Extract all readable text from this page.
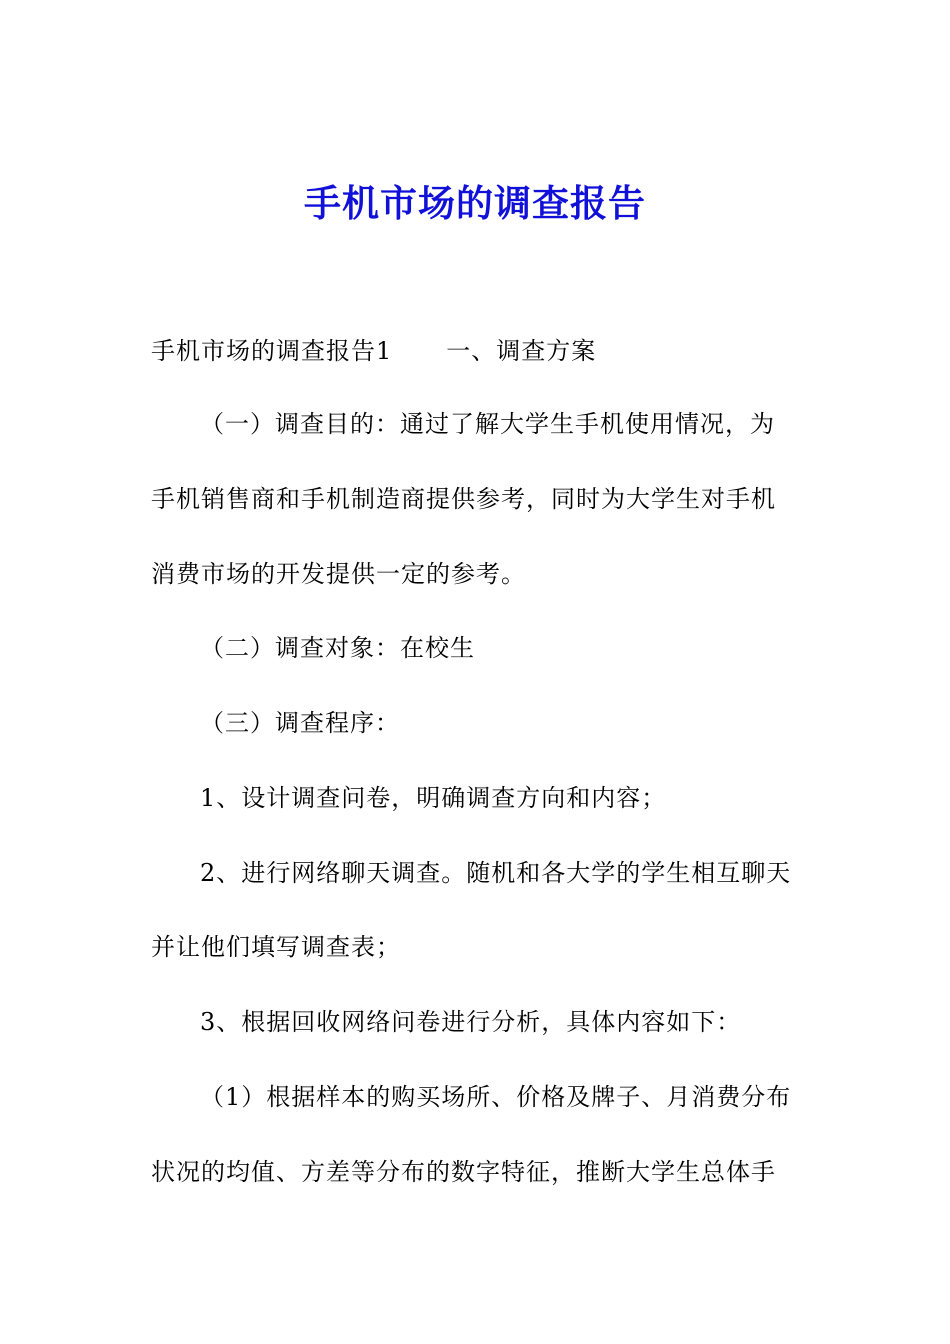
手机市场的调查报告
手机市场的调查报告1 一、调查方案
（一）调查目的：通过了解大学生手机使用情况，为
手机销售商和手机制造商提供参考，同时为大学生对手机
消费市场的开发提供一定的参考。
（二）调查对象：在校生
（三）调查程序：
1、设计调查问卷，明确调查方向和内容；
2、进行网络聊天调查。随机和各大学的学生相互聊天
并让他们填写调查表；
3、根据回收网络问卷进行分析，具体内容如下：
（1）根据样本的购买场所、价格及牌子、月消费分布
状况的均值、方差等分布的数字特征，推断大学生总体手
